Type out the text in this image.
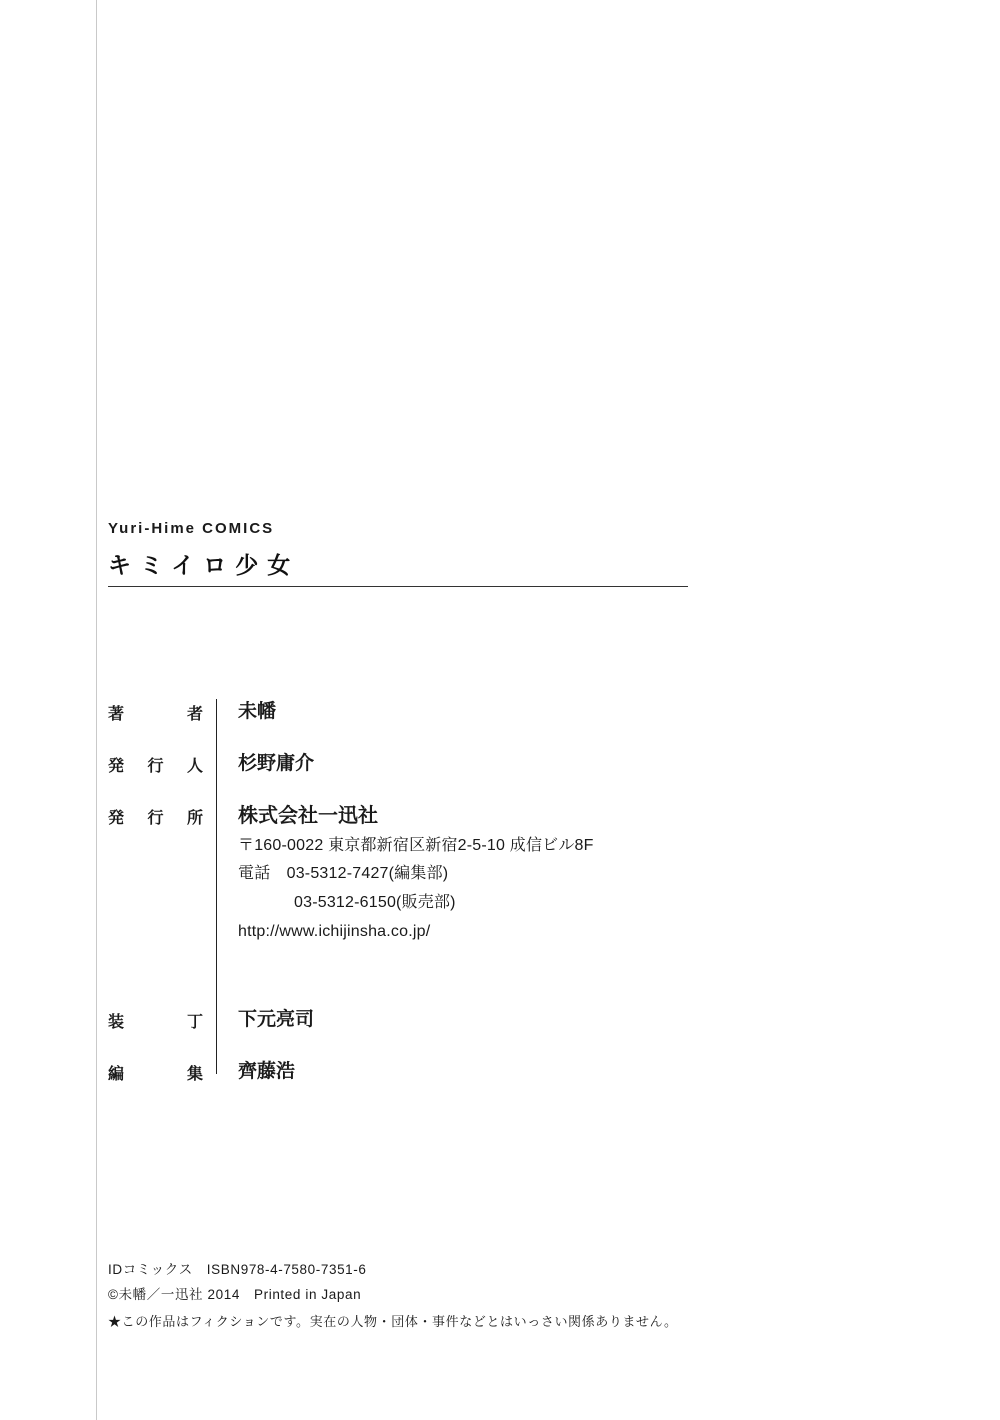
Yuri-Hime COMICS
キミイロ少女
著者	未幡
発行人	杉野庸介
発行所	株式会社一迅社
〒160-0022 東京都新宿区新宿2-5-10 成信ビル8F
電話　03-5312-7427(編集部)
03-5312-6150(販売部)
http://www.ichijinsha.co.jp/
装丁	下元亮司
編集	齊藤浩
IDコミックス ISBN978-4-7580-7351-6
©未幡／一迅社 2014　Printed in Japan
★この作品はフィクションです。実在の人物・団体・事件などとはいっさい関係ありません。
